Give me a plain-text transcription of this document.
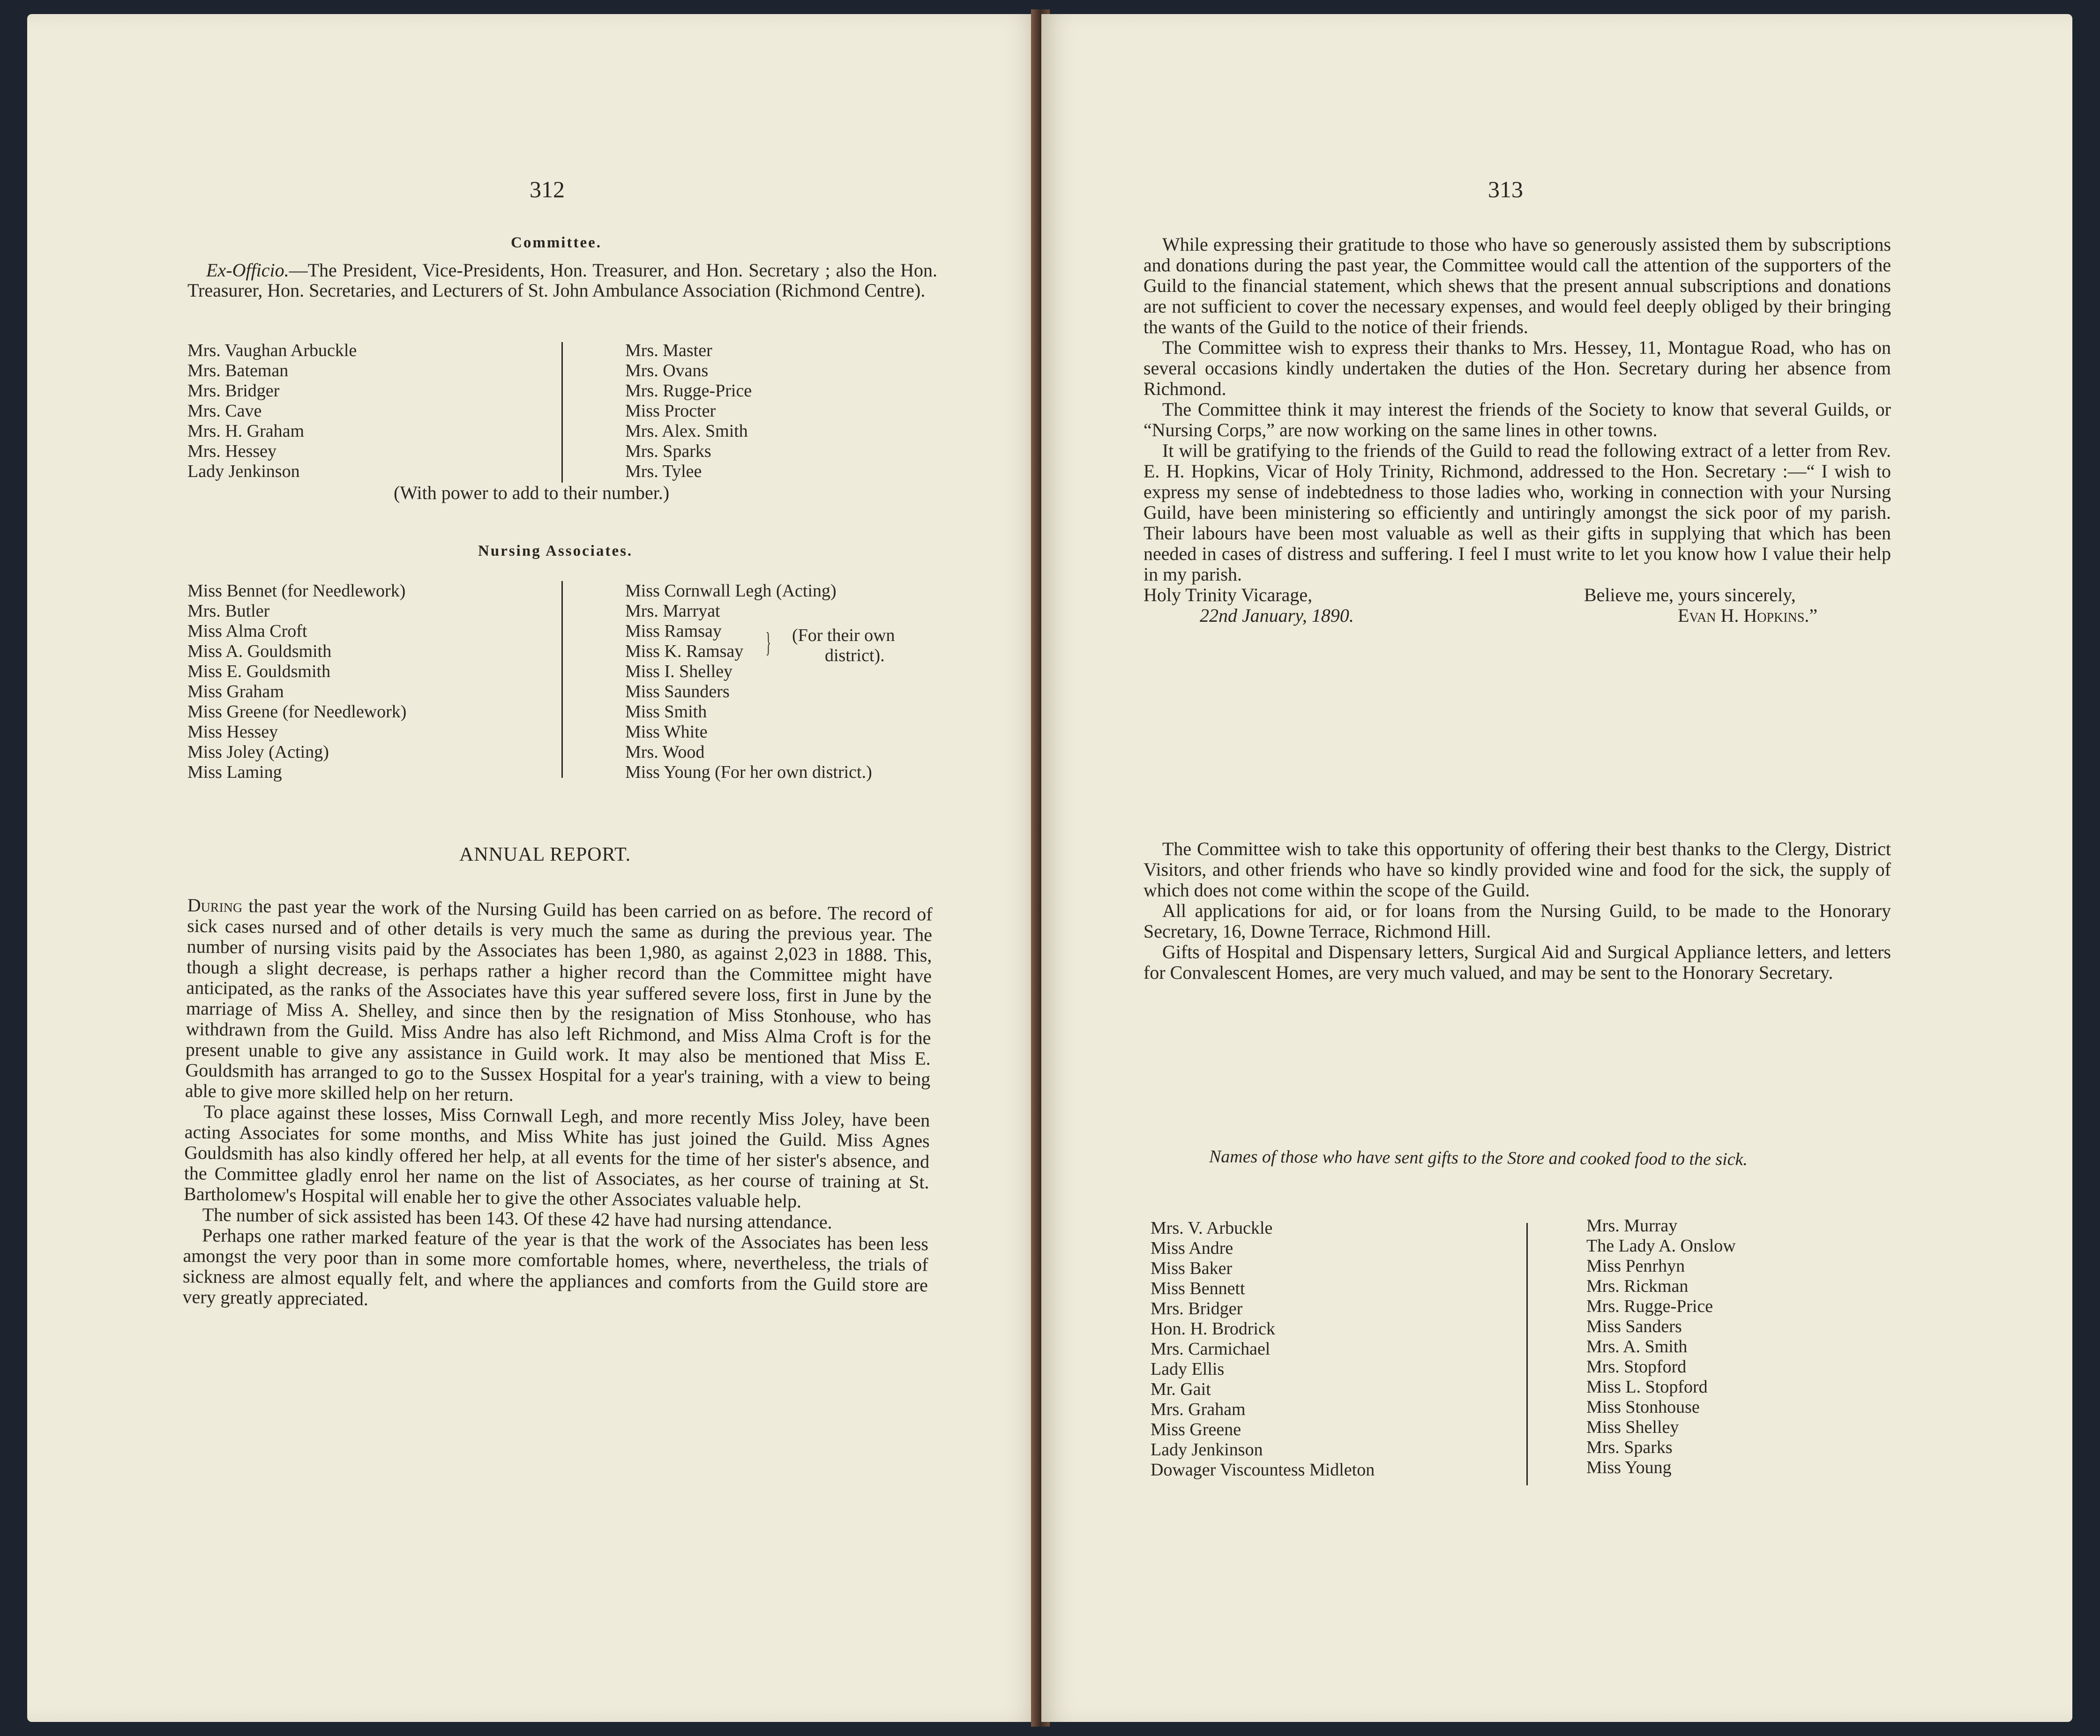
312
Committee.
Ex-Officio.—The President, Vice-Presidents, Hon. Treasurer, and Hon. Secretary ; also the Hon. Treasurer, Hon. Secretaries, and Lecturers of St. John Ambulance Association (Richmond Centre).
Mrs. Vaughan Arbuckle
Mrs. Bateman
Mrs. Bridger
Mrs. Cave
Mrs. H. Graham
Mrs. Hessey
Lady Jenkinson
Mrs. Master
Mrs. Ovans
Mrs. Rugge-Price
Miss Procter
Mrs. Alex. Smith
Mrs. Sparks
Mrs. Tylee
(With power to add to their number.)
Nursing Associates.
Miss Bennet (for Needlework)
Mrs. Butler
Miss Alma Croft
Miss A. Gouldsmith
Miss E. Gouldsmith
Miss Graham
Miss Greene (for Needlework)
Miss Hessey
Miss Joley (Acting)
Miss Laming
Miss Cornwall Legh (Acting)
Mrs. Marryat
Miss Ramsay
Miss K. Ramsay
Miss I. Shelley
Miss Saunders
Miss Smith
Miss White
Mrs. Wood
Miss Young (For her own district.)
} (For their own
district).
ANNUAL REPORT.

During the past year the work of the Nursing Guild has been carried on as before. The record of sick cases nursed and of other details is very much the same as during the previous year. The number of nursing visits paid by the Associates has been 1,980, as against 2,023 in 1888. This, though a slight decrease, is perhaps rather a higher record than the Committee might have anticipated, as the ranks of the Associates have this year suffered severe loss, first in June by the marriage of Miss A. Shelley, and since then by the resignation of Miss Stonhouse, who has withdrawn from the Guild. Miss Andre has also left Richmond, and Miss Alma Croft is for the present unable to give any assistance in Guild work. It may also be mentioned that Miss E. Gouldsmith has arranged to go to the Sussex Hospital for a year's training, with a view to being able to give more skilled help on her return.

To place against these losses, Miss Cornwall Legh, and more recently Miss Joley, have been acting Associates for some months, and Miss White has just joined the Guild. Miss Agnes Gouldsmith has also kindly offered her help, at all events for the time of her sister's absence, and the Committee gladly enrol her name on the list of Associates, as her course of training at St. Bartholomew's Hospital will enable her to give the other Associates valuable help.

The number of sick assisted has been 143. Of these 42 have had nursing attendance.

Perhaps one rather marked feature of the year is that the work of the Associates has been less amongst the very poor than in some more comfortable homes, where, nevertheless, the trials of sickness are almost equally felt, and where the appliances and comforts from the Guild store are very greatly appreciated.

313

While expressing their gratitude to those who have so generously assisted them by subscriptions and donations during the past year, the Committee would call the attention of the supporters of the Guild to the financial statement, which shews that the present annual subscriptions and donations are not sufficient to cover the necessary expenses, and would feel deeply obliged by their bringing the wants of the Guild to the notice of their friends.

The Committee wish to express their thanks to Mrs. Hessey, 11, Montague Road, who has on several occasions kindly undertaken the duties of the Hon. Secretary during her absence from Richmond.

The Committee think it may interest the friends of the Society to know that several Guilds, or “Nursing Corps,” are now working on the same lines in other towns.

It will be gratifying to the friends of the Guild to read the following extract of a letter from Rev. E. H. Hopkins, Vicar of Holy Trinity, Richmond, addressed to the Hon. Secretary :—“ I wish to express my sense of indebtedness to those ladies who, working in connection with your Nursing Guild, have been ministering so efficiently and untiringly amongst the sick poor of my parish. Their labours have been most valuable as well as their gifts in supplying that which has been needed in cases of distress and suffering. I feel I must write to let you know how I value their help in my parish.

Holy Trinity Vicarage,
22nd January, 1890.
Believe me, yours sincerely,
Evan H. Hopkins.”

The Committee wish to take this opportunity of offering their best thanks to the Clergy, District Visitors, and other friends who have so kindly provided wine and food for the sick, the supply of which does not come within the scope of the Guild.

All applications for aid, or for loans from the Nursing Guild, to be made to the Honorary Secretary, 16, Downe Terrace, Richmond Hill.

Gifts of Hospital and Dispensary letters, Surgical Aid and Surgical Appliance letters, and letters for Convalescent Homes, are very much valued, and may be sent to the Honorary Secretary.

Names of those who have sent gifts to the Store and cooked food to the sick.
Mrs. V. Arbuckle
Miss Andre
Miss Baker
Miss Bennett
Mrs. Bridger
Hon. H. Brodrick
Mrs. Carmichael
Lady Ellis
Mr. Gait
Mrs. Graham
Miss Greene
Lady Jenkinson
Dowager Viscountess Midleton
Mrs. Murray
The Lady A. Onslow
Miss Penrhyn
Mrs. Rickman
Mrs. Rugge-Price
Miss Sanders
Mrs. A. Smith
Mrs. Stopford
Miss L. Stopford
Miss Stonhouse
Miss Shelley
Mrs. Sparks
Miss Young
